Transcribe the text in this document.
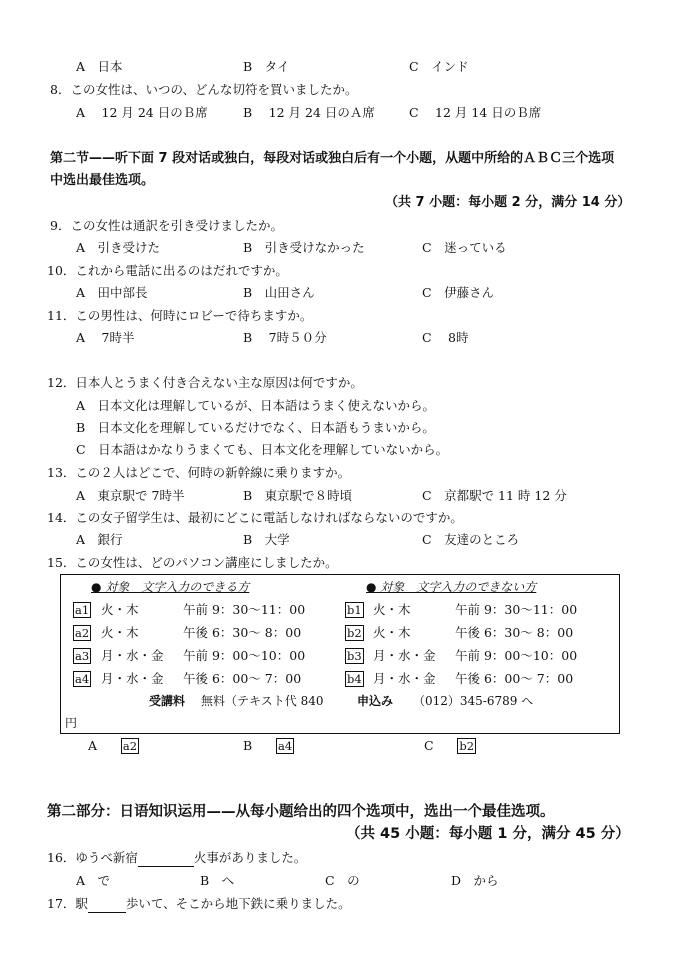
A　日本	B　タイ	C　インド
8．この女性は、いつの、どんな切符を買いましたか。
A　 12 月 24 日のＢ席	B　 12 月 24 日のＡ席	C　 12 月 14 日のＢ席
第二节——听下面 7 段对话或独白，每段对话或独白后有一个小题，从题中所给的ＡＢＣ三个选项
中选出最佳选项。
（共 7 小题：每小题 2 分，满分 14 分）
9．この女性は通訳を引き受けましたか。
A　引き受けた	B　引き受けなかった	C　迷っている
10．これから電話に出るのはだれですか。
A　田中部長	B　山田さん	C　伊藤さん
11．この男性は、何時にロビーで待ちますか。
A　 7時半	B　 7時５０分	C　 8時
12．日本人とうまく付き合えない主な原因は何ですか。
A　日本文化は理解しているが、日本語はうまく使えないから。
B　日本文化を理解しているだけでなく、日本語もうまいから。
C　日本語はかなりうまくても、日本文化を理解していないから。
13．この２人はどこで、何時の新幹線に乗りますか。
A　東京駅で 7時半	B　東京駅で８時頃	C　京都駅で 11 時 12 分
14．この女子留学生は、最初にどこに電話しなければならないのですか。
A　銀行	B　大学	C　友達のところ
15．この女性は、どのパソコン講座にしましたか。
● 対象　文字入力のできる方	● 対象　文字入力のできない方
a1 火・木	午前 9：30～11：00
a2 火・木	午後 6：30～ 8：00
a3 月・水・金 午前 9：00～10：00
a4 月・水・金 午後 6：00～ 7：00
b1 火・木	午前 9：30～11：00
b2 火・木	午後 6：30～ 8：00
b3 月・水・金 午前 9：00～10：00
b4 月・水・金 午後 6：00～ 7：00
受講料 無料（テキスト代 840	申込み （012）345-6789 へ
円
A a2	B a4	C b2
第二部分：日语知识运用——从每小题给出的四个选项中，选出一个最佳选项。
（共 45 小题：每小题 1 分，满分 45 分）
16．ゆうべ新宿	火事がありました。
A　で	B　へ	C　の	D　から
17．駅	歩いて、そこから地下鉄に乗りました。
